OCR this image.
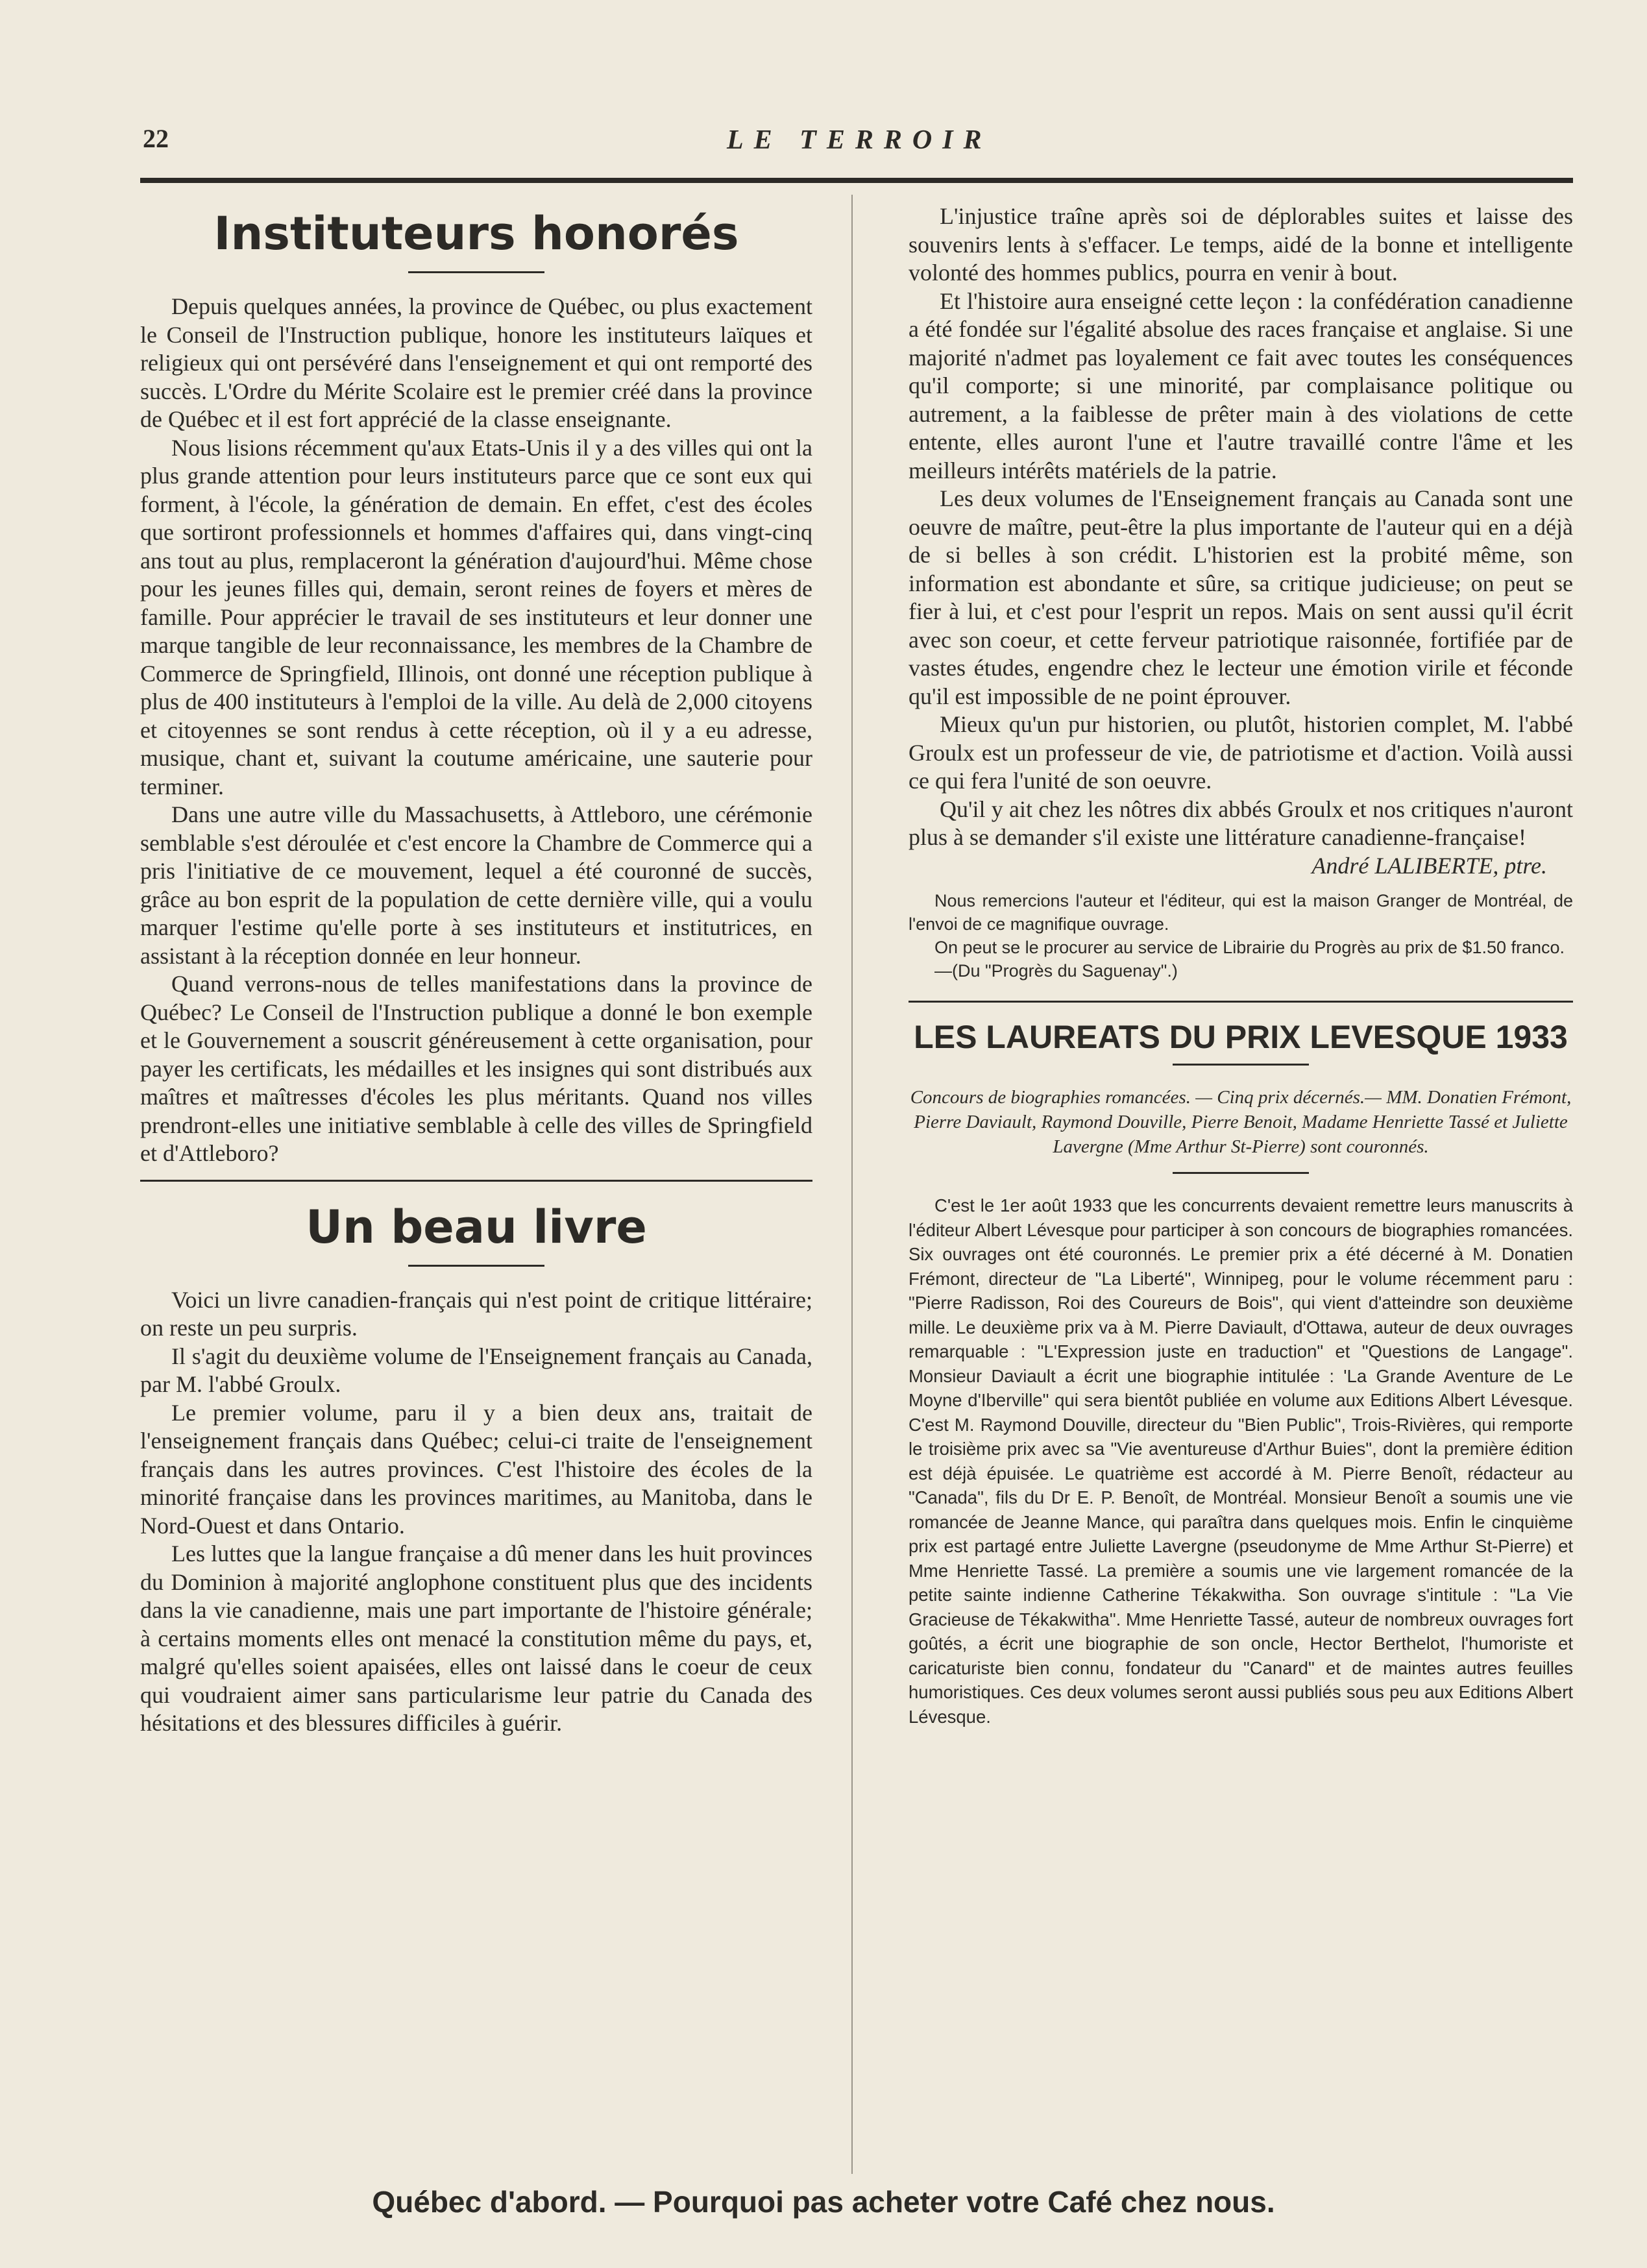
22	LE TERROIR
Instituteurs honorés

Depuis quelques années, la province de Québec, ou plus exactement le Conseil de l'Instruction publique, honore les instituteurs laïques et religieux qui ont persévéré dans l'enseignement et qui ont remporté des succès. L'Ordre du Mérite Scolaire est le premier créé dans la province de Québec et il est fort apprécié de la classe enseignante.

Nous lisions récemment qu'aux Etats-Unis il y a des villes qui ont la plus grande attention pour leurs instituteurs parce que ce sont eux qui forment, à l'école, la génération de demain. En effet, c'est des écoles que sortiront professionnels et hommes d'affaires qui, dans vingt-cinq ans tout au plus, remplaceront la génération d'aujourd'hui. Même chose pour les jeunes filles qui, demain, seront reines de foyers et mères de famille. Pour apprécier le travail de ses instituteurs et leur donner une marque tangible de leur reconnaissance, les membres de la Chambre de Commerce de Springfield, Illinois, ont donné une réception publique à plus de 400 instituteurs à l'emploi de la ville. Au delà de 2,000 citoyens et citoyennes se sont rendus à cette réception, où il y a eu adresse, musique, chant et, suivant la coutume américaine, une sauterie pour terminer.

Dans une autre ville du Massachusetts, à Attleboro, une cérémonie semblable s'est déroulée et c'est encore la Chambre de Commerce qui a pris l'initiative de ce mouvement, lequel a été couronné de succès, grâce au bon esprit de la population de cette dernière ville, qui a voulu marquer l'estime qu'elle porte à ses instituteurs et institutrices, en assistant à la réception donnée en leur honneur.

Quand verrons-nous de telles manifestations dans la province de Québec? Le Conseil de l'Instruction publique a donné le bon exemple et le Gouvernement a souscrit généreusement à cette organisation, pour payer les certificats, les médailles et les insignes qui sont distribués aux maîtres et maîtresses d'écoles les plus méritants. Quand nos villes prendront-elles une initiative semblable à celle des villes de Springfield et d'Attleboro?

Un beau livre

Voici un livre canadien-français qui n'est point de critique littéraire; on reste un peu surpris.

Il s'agit du deuxième volume de l'Enseignement français au Canada, par M. l'abbé Groulx.

Le premier volume, paru il y a bien deux ans, traitait de l'enseignement français dans Québec; celui-ci traite de l'enseignement français dans les autres provinces. C'est l'histoire des écoles de la minorité française dans les provinces maritimes, au Manitoba, dans le Nord-Ouest et dans Ontario.

Les luttes que la langue française a dû mener dans les huit provinces du Dominion à majorité anglophone constituent plus que des incidents dans la vie canadienne, mais une part importante de l'histoire générale; à certains moments elles ont menacé la constitution même du pays, et, malgré qu'elles soient apaisées, elles ont laissé dans le coeur de ceux qui voudraient aimer sans particularisme leur patrie du Canada des hésitations et des blessures difficiles à guérir.

L'injustice traîne après soi de déplorables suites et laisse des souvenirs lents à s'effacer. Le temps, aidé de la bonne et intelligente volonté des hommes publics, pourra en venir à bout.

Et l'histoire aura enseigné cette leçon : la confédération canadienne a été fondée sur l'égalité absolue des races française et anglaise. Si une majorité n'admet pas loyalement ce fait avec toutes les conséquences qu'il comporte; si une minorité, par complaisance politique ou autrement, a la faiblesse de prêter main à des violations de cette entente, elles auront l'une et l'autre travaillé contre l'âme et les meilleurs intérêts matériels de la patrie.

Les deux volumes de l'Enseignement français au Canada sont une oeuvre de maître, peut-être la plus importante de l'auteur qui en a déjà de si belles à son crédit. L'historien est la probité même, son information est abondante et sûre, sa critique judicieuse; on peut se fier à lui, et c'est pour l'esprit un repos. Mais on sent aussi qu'il écrit avec son coeur, et cette ferveur patriotique raisonnée, fortifiée par de vastes études, engendre chez le lecteur une émotion virile et féconde qu'il est impossible de ne point éprouver.

Mieux qu'un pur historien, ou plutôt, historien complet, M. l'abbé Groulx est un professeur de vie, de patriotisme et d'action. Voilà aussi ce qui fera l'unité de son oeuvre.

Qu'il y ait chez les nôtres dix abbés Groulx et nos critiques n'auront plus à se demander s'il existe une littérature canadienne-française!

André LALIBERTE, ptre.

Nous remercions l'auteur et l'éditeur, qui est la maison Granger de Montréal, de l'envoi de ce magnifique ouvrage.

On peut se le procurer au service de Librairie du Progrès au prix de $1.50 franco.

—(Du "Progrès du Saguenay".)

LES LAUREATS DU PRIX LEVESQUE 1933
Concours de biographies romancées. — Cinq prix décernés.— MM. Donatien Frémont, Pierre Daviault, Raymond Douville, Pierre Benoit, Madame Henriette Tassé et Juliette Lavergne (Mme Arthur St-Pierre) sont couronnés.

C'est le 1er août 1933 que les concurrents devaient remettre leurs manuscrits à l'éditeur Albert Lévesque pour participer à son concours de biographies romancées. Six ouvrages ont été couronnés. Le premier prix a été décerné à M. Donatien Frémont, directeur de "La Liberté", Winnipeg, pour le volume récemment paru : "Pierre Radisson, Roi des Coureurs de Bois", qui vient d'atteindre son deuxième mille. Le deuxième prix va à M. Pierre Daviault, d'Ottawa, auteur de deux ouvrages remarquable : "L'Expression juste en traduction" et "Questions de Langage". Monsieur Daviault a écrit une biographie intitulée : 'La Grande Aventure de Le Moyne d'Iberville" qui sera bientôt publiée en volume aux Editions Albert Lévesque. C'est M. Raymond Douville, directeur du "Bien Public", Trois-Rivières, qui remporte le troisième prix avec sa "Vie aventureuse d'Arthur Buies", dont la première édition est déjà épuisée. Le quatrième est accordé à M. Pierre Benoît, rédacteur au "Canada", fils du Dr E. P. Benoît, de Montréal. Monsieur Benoît a soumis une vie romancée de Jeanne Mance, qui paraîtra dans quelques mois. Enfin le cinquième prix est partagé entre Juliette Lavergne (pseudonyme de Mme Arthur St-Pierre) et Mme Henriette Tassé. La première a soumis une vie largement romancée de la petite sainte indienne Catherine Tékakwitha. Son ouvrage s'intitule : "La Vie Gracieuse de Tékakwitha". Mme Henriette Tassé, auteur de nombreux ouvrages fort goûtés, a écrit une biographie de son oncle, Hector Berthelot, l'humoriste et caricaturiste bien connu, fondateur du "Canard" et de maintes autres feuilles humoristiques. Ces deux volumes seront aussi publiés sous peu aux Editions Albert Lévesque.

Québec d'abord. — Pourquoi pas acheter votre Café chez nous.
